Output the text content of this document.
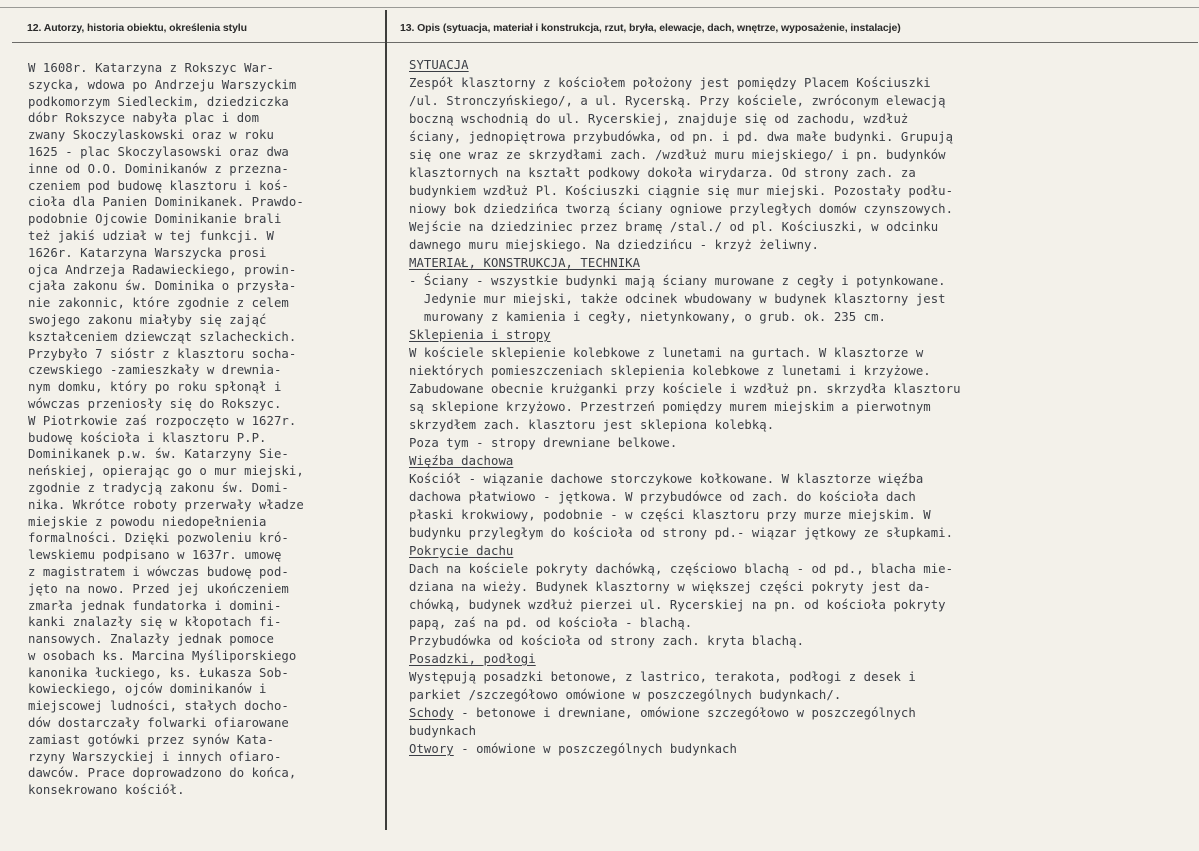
12. Autorzy, historia obiektu, określenia stylu	13. Opis (sytuacja, materiał i konstrukcja, rzut, bryła, elewacje, dach, wnętrze, wyposażenie, instalacje)
W 1608r. Katarzyna z Rokszyc War-
szycka, wdowa po Andrzeju Warszyckim
podkomorzym Siedleckim, dziedziczka
dóbr Rokszyce nabyła plac i dom
zwany Skoczylaskowski oraz w roku
1625 - plac Skoczylasowski oraz dwa
inne od O.O. Dominikanów z przezna-
czeniem pod budowę klasztoru i koś-
cioła dla Panien Dominikanek. Prawdo-
podobnie Ojcowie Dominikanie brali
też jakiś udział w tej funkcji. W
1626r. Katarzyna Warszycka prosi
ojca Andrzeja Radawieckiego, prowin-
cjała zakonu św. Dominika o przysła-
nie zakonnic, które zgodnie z celem
swojego zakonu miałyby się zająć
kształceniem dziewcząt szlacheckich.
Przybyło 7 sióstr z klasztoru socha-
czewskiego -zamieszkały w drewnia-
nym domku, który po roku spłonął i
wówczas przeniosły się do Rokszyc.
W Piotrkowie zaś rozpoczęto w 1627r.
budowę kościoła i klasztoru P.P.
Dominikanek p.w. św. Katarzyny Sie-
neńskiej, opierając go o mur miejski,
zgodnie z tradycją zakonu św. Domi-
nika. Wkrótce roboty przerwały władze
miejskie z powodu niedopełnienia
formalności. Dzięki pozwoleniu kró-
lewskiemu podpisano w 1637r. umowę
z magistratem i wówczas budowę pod-
jęto na nowo. Przed jej ukończeniem
zmarła jednak fundatorka i domini-
kanki znalazły się w kłopotach fi-
nansowych. Znalazły jednak pomoce
w osobach ks. Marcina Myśliporskiego
kanonika łuckiego, ks. Łukasza Sob-
kowieckiego, ojców dominikanów i
miejscowej ludności, stałych docho-
dów dostarczały folwarki ofiarowane
zamiast gotówki przez synów Kata-
rzyny Warszyckiej i innych ofiaro-
dawców. Prace doprowadzono do końca,
konsekrowano kościół.
SYTUACJA
Zespół klasztorny z kościołem położony jest pomiędzy Placem Kościuszki
/ul. Stronczyńskiego/, a ul. Rycerską. Przy kościele, zwróconym elewacją
boczną wschodnią do ul. Rycerskiej, znajduje się od zachodu, wzdłuż
ściany, jednopiętrowa przybudówka, od pn. i pd. dwa małe budynki. Grupują
się one wraz ze skrzydłami zach. /wzdłuż muru miejskiego/ i pn. budynków
klasztornych na kształt podkowy dokoła wirydarza. Od strony zach. za
budynkiem wzdłuż Pl. Kościuszki ciągnie się mur miejski. Pozostały podłu-
niowy bok dziedzińca tworzą ściany ogniowe przyległych domów czynszowych.
Wejście na dziedziniec przez bramę /stal./ od pl. Kościuszki, w odcinku
dawnego muru miejskiego. Na dziedzińcu - krzyż żeliwny.
MATERIAŁ, KONSTRUKCJA, TECHNIKA
- Ściany - wszystkie budynki mają ściany murowane z cegły i potynkowane.
Jedynie mur miejski, także odcinek wbudowany w budynek klasztorny jest
murowany z kamienia i cegły, nietynkowany, o grub. ok. 235 cm.
Sklepienia i stropy
W kościele sklepienie kolebkowe z lunetami na gurtach. W klasztorze w
niektórych pomieszczeniach sklepienia kolebkowe z lunetami i krzyżowe.
Zabudowane obecnie krużganki przy kościele i wzdłuż pn. skrzydła klasztoru
są sklepione krzyżowo. Przestrzeń pomiędzy murem miejskim a pierwotnym
skrzydłem zach. klasztoru jest sklepiona kolebką.
Poza tym - stropy drewniane belkowe.
Więźba dachowa
Kościół - wiązanie dachowe storczykowe kołkowane. W klasztorze więźba
dachowa płatwiowo - jętkowa. W przybudówce od zach. do kościoła dach
płaski krokwiowy, podobnie - w części klasztoru przy murze miejskim. W
budynku przyległym do kościoła od strony pd.- wiązar jętkowy ze słupkami.
Pokrycie dachu
Dach na kościele pokryty dachówką, częściowo blachą - od pd., blacha mie-
dziana na wieży. Budynek klasztorny w większej części pokryty jest da-
chówką, budynek wzdłuż pierzei ul. Rycerskiej na pn. od kościoła pokryty
papą, zaś na pd. od kościoła - blachą.
Przybudówka od kościoła od strony zach. kryta blachą.
Posadzki, podłogi
Występują posadzki betonowe, z lastrico, terakota, podłogi z desek i
parkiet /szczegółowo omówione w poszczególnych budynkach/.
Schody - betonowe i drewniane, omówione szczegółowo w poszczególnych
budynkach
Otwory - omówione w poszczególnych budynkach
